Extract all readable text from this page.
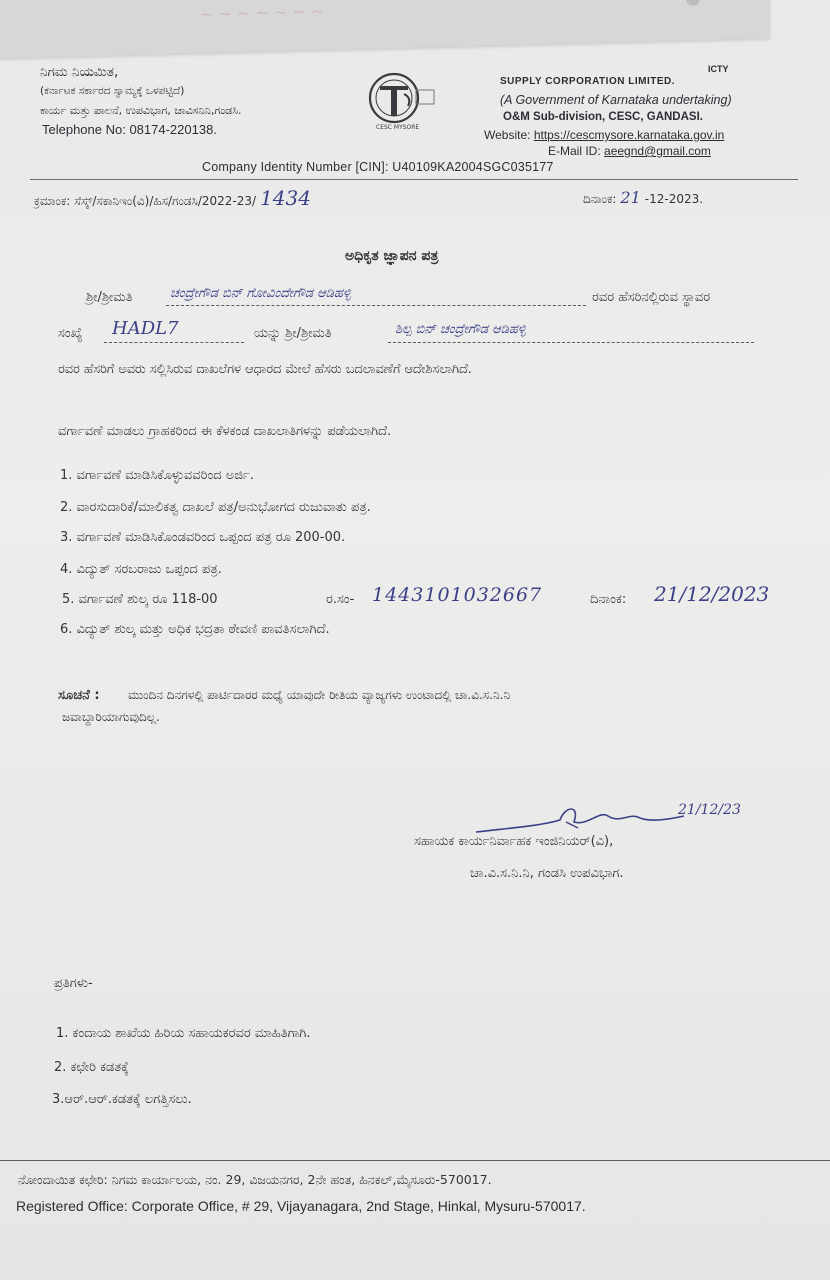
~ ~ ~ ~ ~ ~ ~
ನಿಗಮ ನಿಯಮಿತ,
(ಕರ್ನಾಟಕ ಸರ್ಕಾರದ ಸ್ವಾಮ್ಯಕ್ಕೆ ಒಳಪಟ್ಟಿದೆ)
ಕಾರ್ಯ ಮತ್ತು ಪಾಲನೆ, ಉಪವಿಭಾಗ, ಚಾವಿಸನಿನಿ,ಗಂಡಸಿ.
Telephone No: 08174-220138.	CESC MYSORE
ICTY
SUPPLY CORPORATION LIMITED.
(A Government of Karnataka undertaking)
O&M Sub-division, CESC, GANDASI.
Website: https://cescmysore.karnataka.gov.in
E-Mail ID: aeegnd@gmail.com
Company Identity Number [CIN]: U40109KA2004SGC035177
ಕ್ರಮಾಂಕ: ಸೆಸ್ಕ್/ಸಕಾನಿಇಂ(ವಿ)/ಹಿಸ/ಗಂಡಸಿ/2022-23/ 1434	ದಿನಾಂಕ: 21 -12-2023.
ಅಧಿಕೃತ ಜ್ಞಾಪನ ಪತ್ರ
ಶ್ರೀ/ಶ್ರೀಮತಿ	ಚಂದ್ರೇಗೌಡ ಬಿನ್ ಗೋವಿಂದೇಗೌಡ ಆಡಿಹಳ್ಳಿ	ರವರ ಹೆಸರಿನಲ್ಲಿರುವ ಸ್ಥಾವರ
ಸಂಖ್ಯೆ HADL7	ಯನ್ನು ಶ್ರೀ/ಶ್ರೀಮತಿ	ಶಿಲ್ಪ ಬಿನ್ ಚಂದ್ರೇಗೌಡ ಆಡಿಹಳ್ಳಿ
ರವರ ಹೆಸರಿಗೆ ಅವರು ಸಲ್ಲಿಸಿರುವ ದಾಖಲೆಗಳ ಆಧಾರದ ಮೇಲೆ ಹೆಸರು ಬದಲಾವಣೆಗೆ ಆದೇಶಿಸಲಾಗಿದೆ.
ವರ್ಗಾವಣೆ ಮಾಡಲು ಗ್ರಾಹಕರಿಂದ ಈ ಕೆಳಕಂಡ ದಾಖಲಾತಿಗಳನ್ನು ಪಡೆಯಲಾಗಿದೆ.
1. ವರ್ಗಾವಣೆ ಮಾಡಿಸಿಕೊಳ್ಳುವವರಿಂದ ಅರ್ಜಿ.
2. ವಾರಸುದಾರಿಕೆ/ಮಾಲಿಕತ್ವ ದಾಖಲೆ ಪತ್ರ/ಅನುಭೋಗದ ರುಜುವಾತು ಪತ್ರ.
3. ವರ್ಗಾವಣೆ ಮಾಡಿಸಿಕೊಂಡವರಿಂದ ಒಪ್ಪಂದ ಪತ್ರ ರೂ 200-00.
4. ವಿದ್ಯುತ್ ಸರಬರಾಜು ಒಪ್ಪಂದ ಪತ್ರ.
5. ವರ್ಗಾವಣೆ ಶುಲ್ಕ ರೂ 118-00	ರ.ಸಂ- 1443101032667	ದಿನಾಂಕ: 21/12/2023
6. ವಿದ್ಯುತ್ ಶುಲ್ಕ ಮತ್ತು ಅಧಿಕ ಭದ್ರತಾ ಠೇವಣಿ ಪಾವತಿಸಲಾಗಿದೆ.
ಸೂಚನೆ : ಮುಂದಿನ ದಿನಗಳಲ್ಲಿ ಪಾರ್ಟಿದಾರರ ಮಧ್ಯೆ ಯಾವುದೇ ರೀತಿಯ ವ್ಯಾಜ್ಯಗಳು ಉಂಟಾದಲ್ಲಿ ಚಾ.ವಿ.ಸ.ನಿ.ನಿ
ಜವಾಬ್ದಾರಿಯಾಗುವುದಿಲ್ಲ.
21/12/23
ಸಹಾಯಕ ಕಾರ್ಯನಿರ್ವಾಹಕ ಇಂಜಿನಿಯರ್(ವಿ),
ಚಾ.ವಿ.ಸ.ನಿ.ನಿ, ಗಂಡಸಿ ಉಪವಿಭಾಗ.
ಪ್ರತಿಗಳು-
1. ಕಂದಾಯ ಶಾಖೆಯ ಹಿರಿಯ ಸಹಾಯಕರವರ ಮಾಹಿತಿಗಾಗಿ.
2. ಕಛೇರಿ ಕಡತಕ್ಕೆ
3.ಆರ್.ಆರ್.ಕಡತಕ್ಕೆ ಲಗತ್ತಿಸಲು.
ನೋಂದಾಯಿತ ಕಛೇರಿ: ನಿಗಮ ಕಾರ್ಯಾಲಯ, ನಂ. 29, ವಿಜಯನಗರ, 2ನೇ ಹಂತ, ಹಿನಕಲ್,ಮೈಸೂರು-570017.
Registered Office: Corporate Office, # 29, Vijayanagara, 2nd Stage, Hinkal, Mysuru-570017.
